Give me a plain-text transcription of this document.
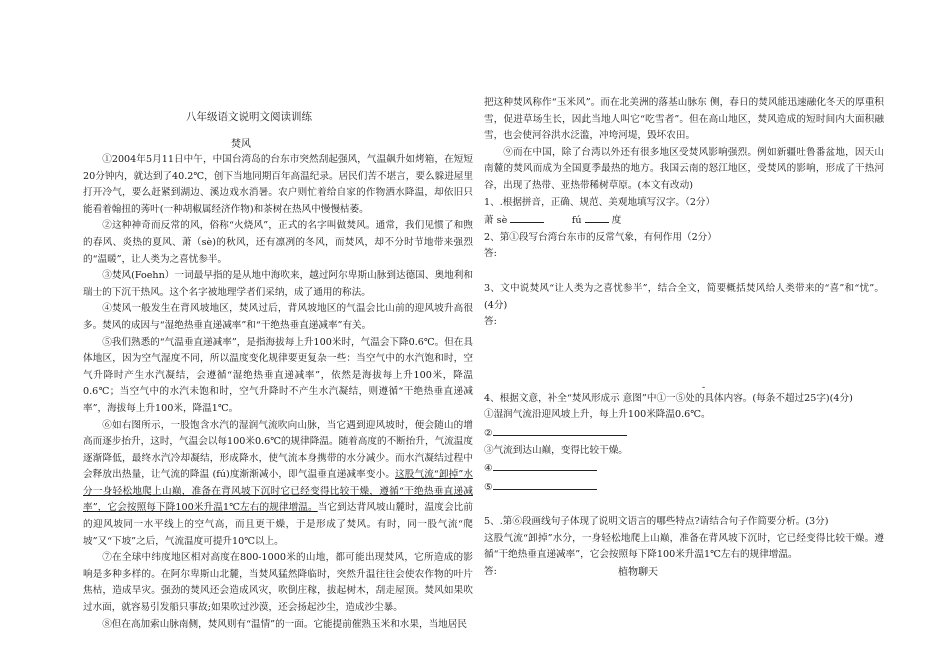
八年级语文说明文阅读训练
焚风

①2004年5月11日中午，中国台湾岛的台东市突然刮起强风，气温飙升如烤箱，在短短20分钟内，就达到了40.2℃，创下当地同期百年高温纪录。居民们苦不堪言，要么躲进屋里打开冷气，要么赶紧到湖边、溪边戏水消暑。农户则忙着给自家的作物洒水降温，却依旧只能看着翰扭的莠叶(一种胡椒属经济作物)和茶树在热风中慢慢枯萎。

②这种神奇而反常的风，俗称“火烧风”，正式的名字叫做焚风。通常，我们见惯了和煦的春风、炎热的夏风、萧（sè)的秋风，还有凛冽的冬风，而焚风，却不分时节地带来强烈的“温暖”，让人类为之喜忧参半。

③焚风(Foehn）一词最早指的是从地中海吹来，越过阿尔卑斯山脉到达德国、奥地利和瑞士的下沉干热风。这个名字被地理学者们采纳，成了通用的称法。

④焚风一般发生在背风坡地区，焚风过后，背风坡地区的气温会比山前的迎风坡升高很多。焚风的成因与“湿绝热垂直递减率”和“干绝热垂直递减率”有关。

⑤我们熟悉的“气温垂直递减率”，是指海拔每上升100米时，气温会下降0.6℃。但在具体地区，因为空气湿度不同，所以温度变化规律要更复杂一些：当空气中的水汽饱和时，空气升降时产生水汽凝结，会遵循“湿绝热垂直递减率”，依然是海拔每上升100米，降温0.6℃；当空气中的水汽未饱和时，空气升降时不产生水汽凝结，则遵循“干绝热垂直递减率”，海拔每上升100米，降温1℃。

⑥如右图所示，一股饱含水汽的湿润气流吹向山脉，当它遇到迎风坡时，便会随山的增高而逐步抬升，这时，气温会以每100米0.6℃的规律降温。随着高度的不断抬升，气流温度逐渐降低，最终水汽冷却凝结，形成降水，使气流本身携带的水分减少。而水汽凝结过程中会释放出热量，让气流的降温 (fú)度渐渐减小，即气温垂直递减率变小。这股气流“卸掉”水分一身轻松地爬上山巅，准备在背风坡下沉时它已经变得比较干燥，遵循“干绝热垂直递减率”，它会按照每下降100米升温1℃左右的规律增温。当它到达背风坡山麓时，温度会比前的迎风坡同一水平线上的空气高，而且更干燥，于是形成了焚风。有时，同一股气流“爬坡”又“下坡”之后，气流温度可提升10℃以上。

⑦在全球中纬度地区相对高度在800-1000米的山地，都可能出现焚风，它所造成的影响是多种多样的。在阿尔卑斯山北麓，当焚风猛然降临时，突然升温往往会使农作物的叶片焦枯，造成旱灾。强劲的焚风还会造成风灾，吹倒庄稼，拔起树木，刮走屋顶。焚风如果吹过水面，就容易引发船只事故;如果吹过沙漠，还会扬起沙尘，造成沙尘暴。

⑧但在高加索山脉南侧，焚风则有“温情”的一面。它能提前催熟玉米和水果，当地居民

把这种焚风称作“玉米风”。而在北美洲的落基山脉东 侧，春日的焚风能迅速融化冬天的厚重积雪，促进草场生长，因此当地人叫它“吃雪者”。但在高山地区，焚风造成的短时间内大面积融雪，也会使河谷洪水泛滥，冲垮河堤，毁坏农田。

⑨而在中国，除了台湾以外还有很多地区受焚风影响强烈。例如新疆吐鲁番盆地，因天山南麓的焚风而成为全国夏季最热的地方。我国云南的怒江地区，受焚风的影响，形成了干热河谷，出现了热带、亚热带稀树草原。(本文有改动)

1、.根据拼音，正确、规范、美观地填写汉字。（2分）

萧 sè	fú	度

2、第①段写台湾台东市的反常气象，有何作用（2分）

答:

3、文中说焚风“让人类为之喜忧参半”，结合全文，简要概括焚风给人类带来的“喜”和“忧”。(4分)

答:

4、根据文意，补全“焚风形成示 意图”中①一⑤处的具体内容。(每条不超过25字)(4分)

①湿润气流沿迎风坡上升，每上升100米降温0.6℃。

②

③气流到达山巅，变得比较干燥。

④

⑤

5、.第⑥段画线句子体现了说明文语言的哪些特点?请结合句子作简要分析。(3分)

这股气流“卸掉”水分，一身轻松地爬上山巅，准备在背风坡下沉时，它已经变得比较干燥。遵循“干绝热垂直递减率”，它会按照每下降100米升温1℃左右的规律增温。

答:

-
植物聊天
